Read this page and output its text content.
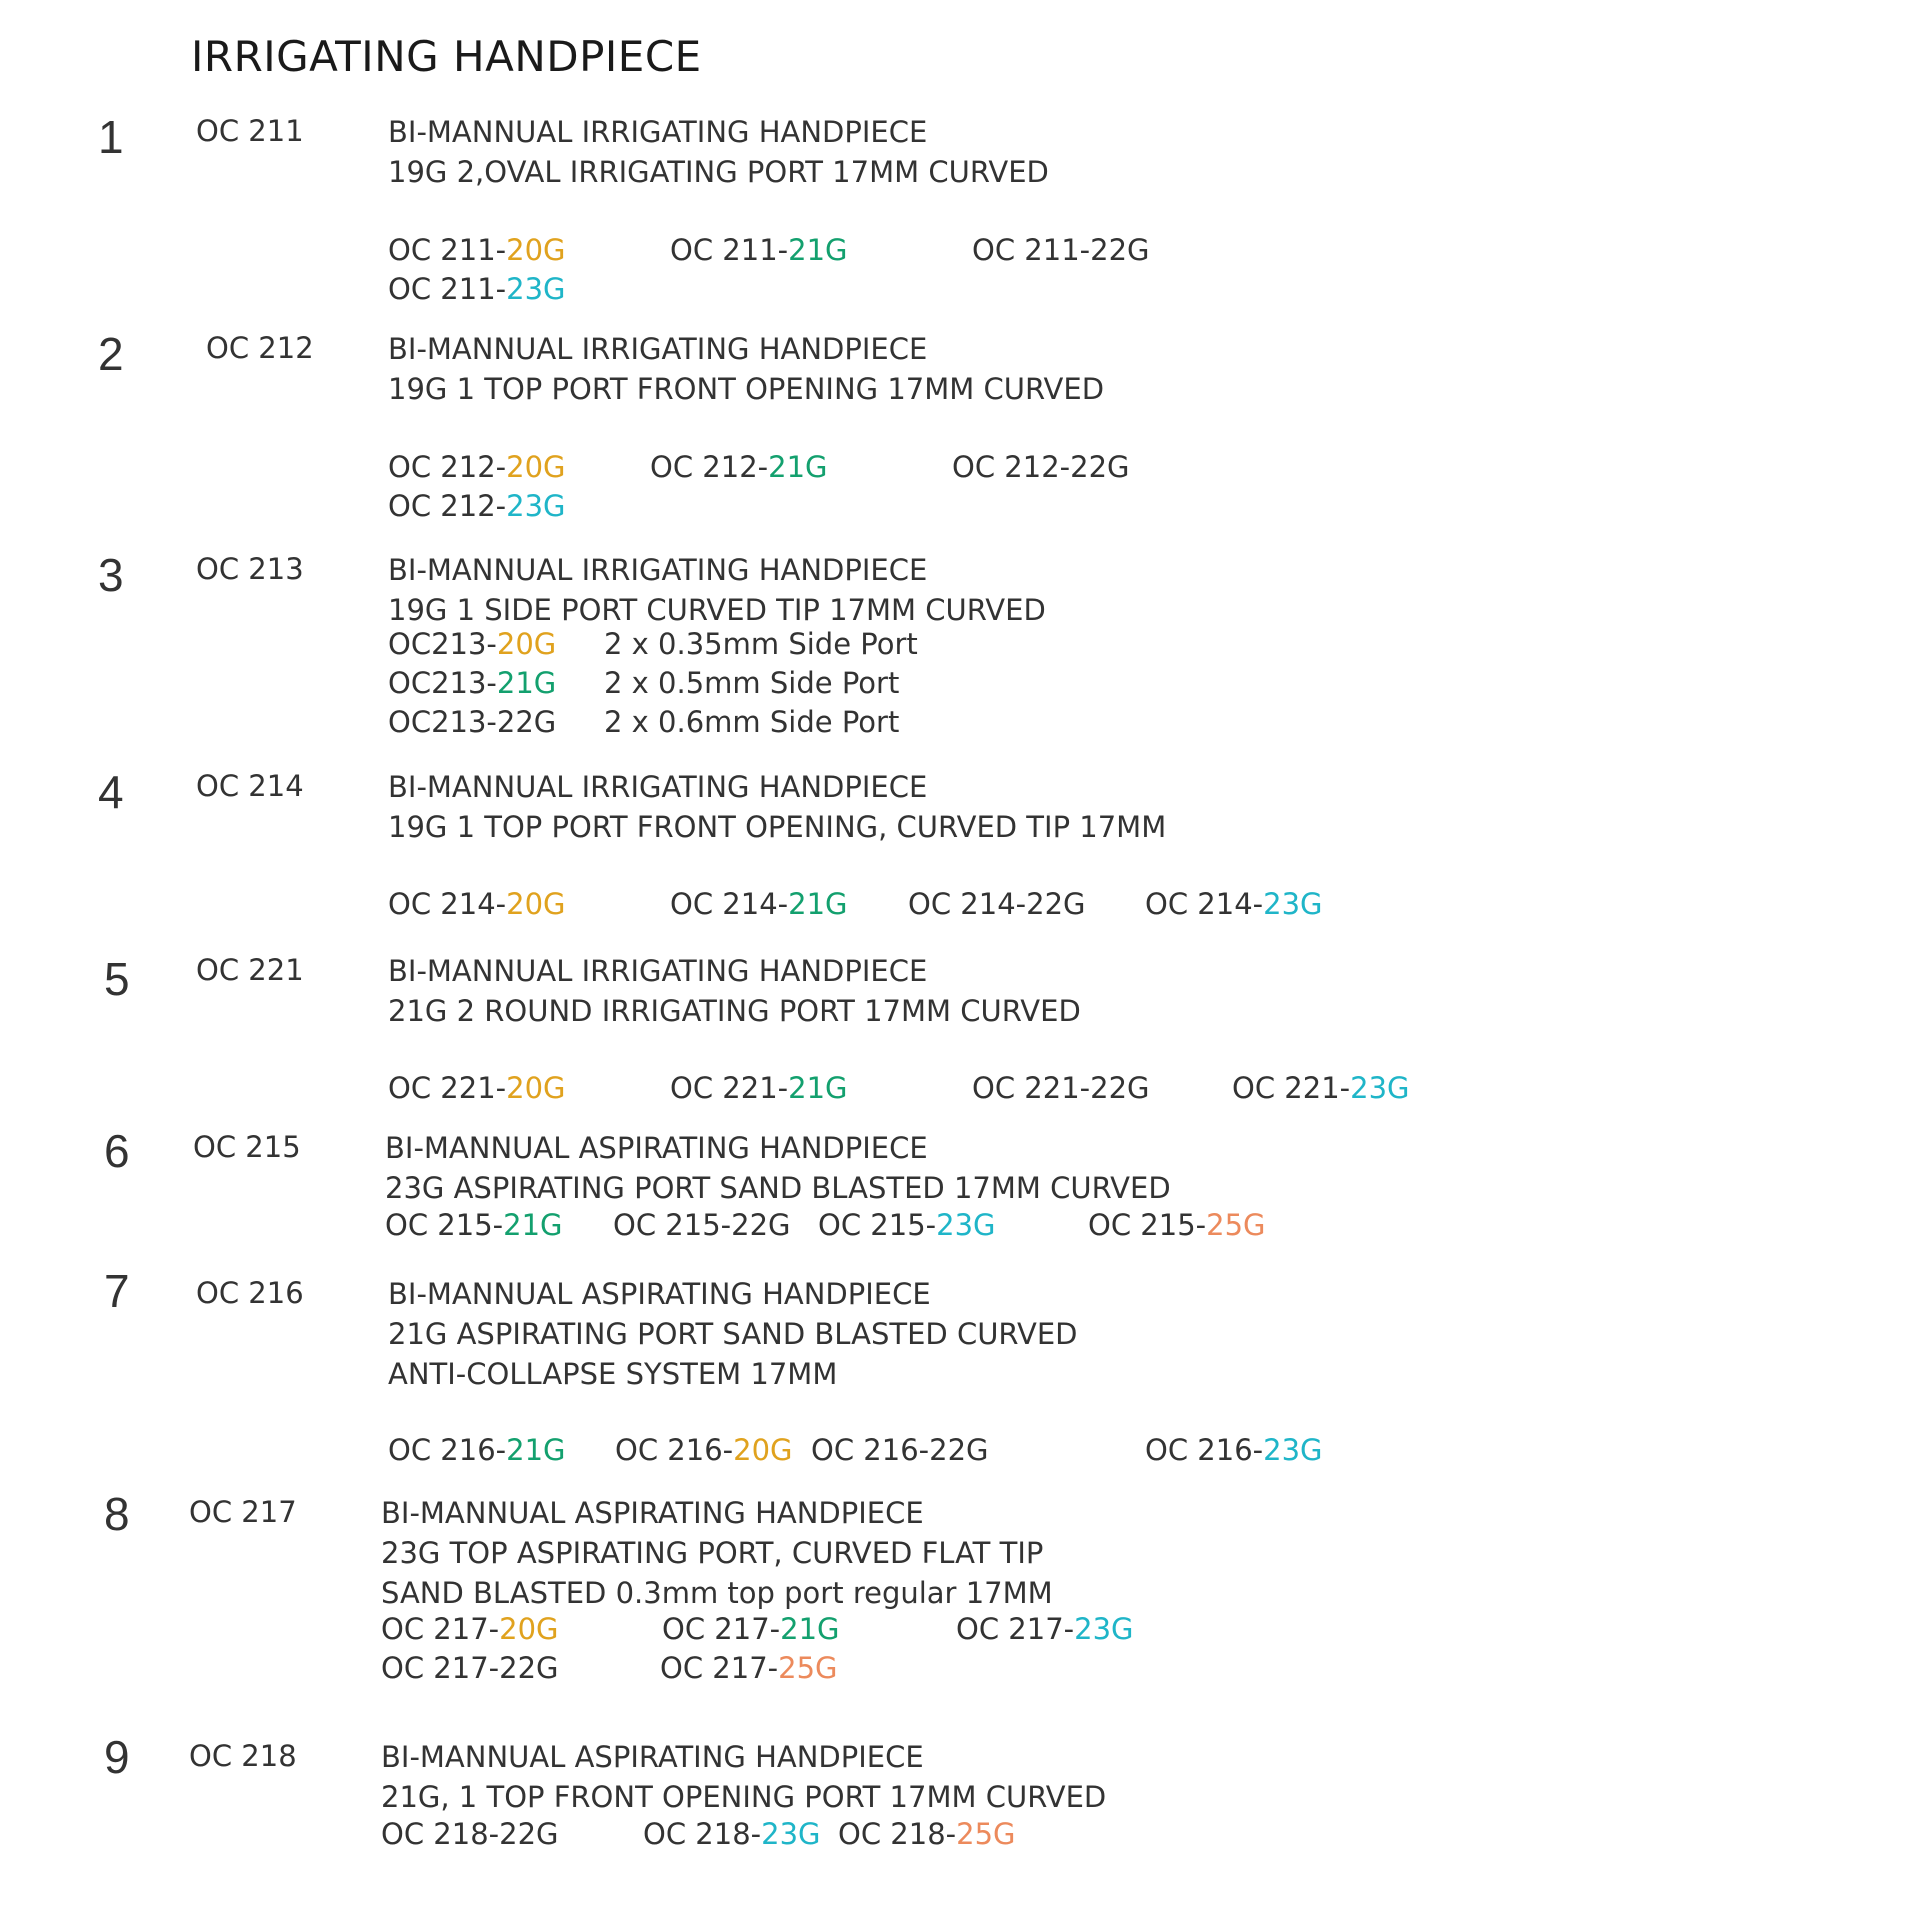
IRRIGATING HANDPIECE
1 OC 211	BI-MANNUAL IRRIGATING HANDPIECE
19G 2,OVAL IRRIGATING PORT 17MM CURVED
OC 211-20G	OC 211-21G	OC 211-22G
OC 211-23G
2	OC 212	BI-MANNUAL IRRIGATING HANDPIECE
19G 1 TOP PORT FRONT OPENING 17MM CURVED
OC 212-20G	OC 212-21G	OC 212-22G
OC 212-23G
3 OC 213	BI-MANNUAL IRRIGATING HANDPIECE
19G 1 SIDE PORT CURVED TIP 17MM CURVED
OC213-20G 2 x 0.35mm Side Port
OC213-21G 2 x 0.5mm Side Port
OC213-22G 2 x 0.6mm Side Port
4 OC 214	BI-MANNUAL IRRIGATING HANDPIECE
19G 1 TOP PORT FRONT OPENING, CURVED TIP 17MM
OC 214-20G	OC 214-21G OC 214-22G OC 214-23G
5 OC 221	BI-MANNUAL IRRIGATING HANDPIECE
21G 2 ROUND IRRIGATING PORT 17MM CURVED
OC 221-20G	OC 221-21G	OC 221-22G	OC 221-23G
6 OC 215	BI-MANNUAL ASPIRATING HANDPIECE
23G ASPIRATING PORT SAND BLASTED 17MM CURVED
OC 215-21G OC 215-22G OC 215-23G	OC 215-25G
7 OC 216	BI-MANNUAL ASPIRATING HANDPIECE
21G ASPIRATING PORT SAND BLASTED CURVED
ANTI-COLLAPSE SYSTEM 17MM
OC 216-21G OC 216-20G OC 216-22G	OC 216-23G
8 OC 217	BI-MANNUAL ASPIRATING HANDPIECE
23G TOP ASPIRATING PORT, CURVED FLAT TIP
SAND BLASTED 0.3mm top port regular 17MM
OC 217-20G	OC 217-21G	OC 217-23G
OC 217-22G	OC 217-25G
9 OC 218	BI-MANNUAL ASPIRATING HANDPIECE
21G, 1 TOP FRONT OPENING PORT 17MM CURVED
OC 218-22G	OC 218-23G OC 218-25G
